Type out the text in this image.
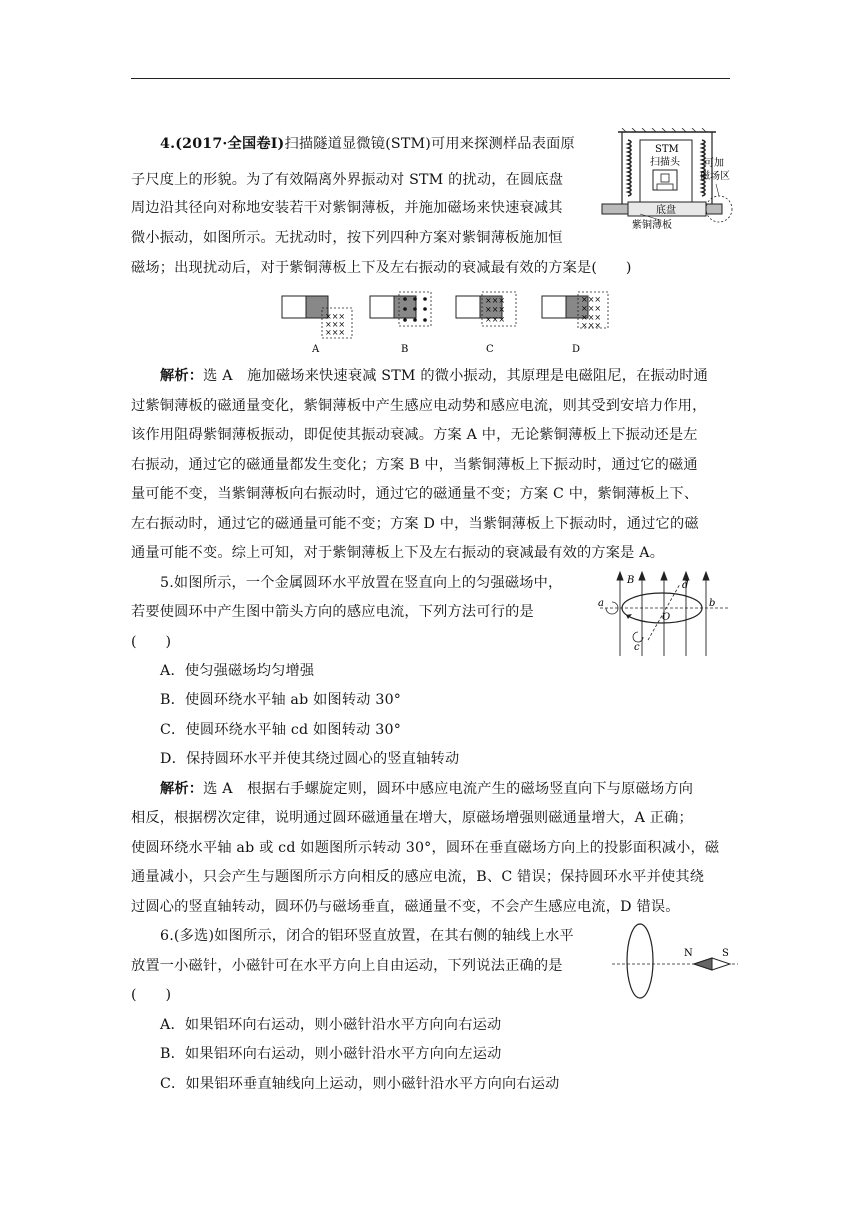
4.(2017·全国卷Ⅰ)扫描隧道显微镜(STM)可用来探测样品表面原
子尺度上的形貌。为了有效隔离外界振动对 STM 的扰动，在圆底盘
周边沿其径向对称地安装若干对紫铜薄板，并施加磁场来快速衰减其
微小振动，如图所示。无扰动时，按下列四种方案对紫铜薄板施加恒
磁场；出现扰动后，对于紫铜薄板上下及左右振动的衰减最有效的方案是(　　)
STM
扫描头
底盘
可加
磁场区
紫铜薄板
×××
×××
×××
×××
×××
×××
×××
×××
×××
×××
A	B	C	D
解析：选 A　施加磁场来快速衰减 STM 的微小振动，其原理是电磁阻尼，在振动时通
过紫铜薄板的磁通量变化，紫铜薄板中产生感应电动势和感应电流，则其受到安培力作用，
该作用阻碍紫铜薄板振动，即促使其振动衰减。方案 A 中，无论紫铜薄板上下振动还是左
右振动，通过它的磁通量都发生变化；方案 B 中，当紫铜薄板上下振动时，通过它的磁通
量可能不变，当紫铜薄板向右振动时，通过它的磁通量不变；方案 C 中，紫铜薄板上下、
左右振动时，通过它的磁通量可能不变；方案 D 中，当紫铜薄板上下振动时，通过它的磁
通量可能不变。综上可知，对于紫铜薄板上下及左右振动的衰减最有效的方案是 A。
5.如图所示，一个金属圆环水平放置在竖直向上的匀强磁场中，
若要使圆环中产生图中箭头方向的感应电流，下列方法可行的是
(　　)
B
a	b
d
c
O
A．使匀强磁场均匀增强
B．使圆环绕水平轴 ab 如图转动 30°
C．使圆环绕水平轴 cd 如图转动 30°
D．保持圆环水平并使其绕过圆心的竖直轴转动
解析：选 A　根据右手螺旋定则，圆环中感应电流产生的磁场竖直向下与原磁场方向
相反，根据楞次定律，说明通过圆环磁通量在增大，原磁场增强则磁通量增大，A 正确；
使圆环绕水平轴 ab 或 cd 如题图所示转动 30°，圆环在垂直磁场方向上的投影面积减小，磁
通量减小，只会产生与题图所示方向相反的感应电流，B、C 错误；保持圆环水平并使其绕
过圆心的竖直轴转动，圆环仍与磁场垂直，磁通量不变，不会产生感应电流，D 错误。
6.(多选)如图所示，闭合的铝环竖直放置，在其右侧的轴线上水平
放置一小磁针，小磁针可在水平方向上自由运动，下列说法正确的是
(　　)
N	S
A．如果铝环向右运动，则小磁针沿水平方向向右运动
B．如果铝环向右运动，则小磁针沿水平方向向左运动
C．如果铝环垂直轴线向上运动，则小磁针沿水平方向向右运动
